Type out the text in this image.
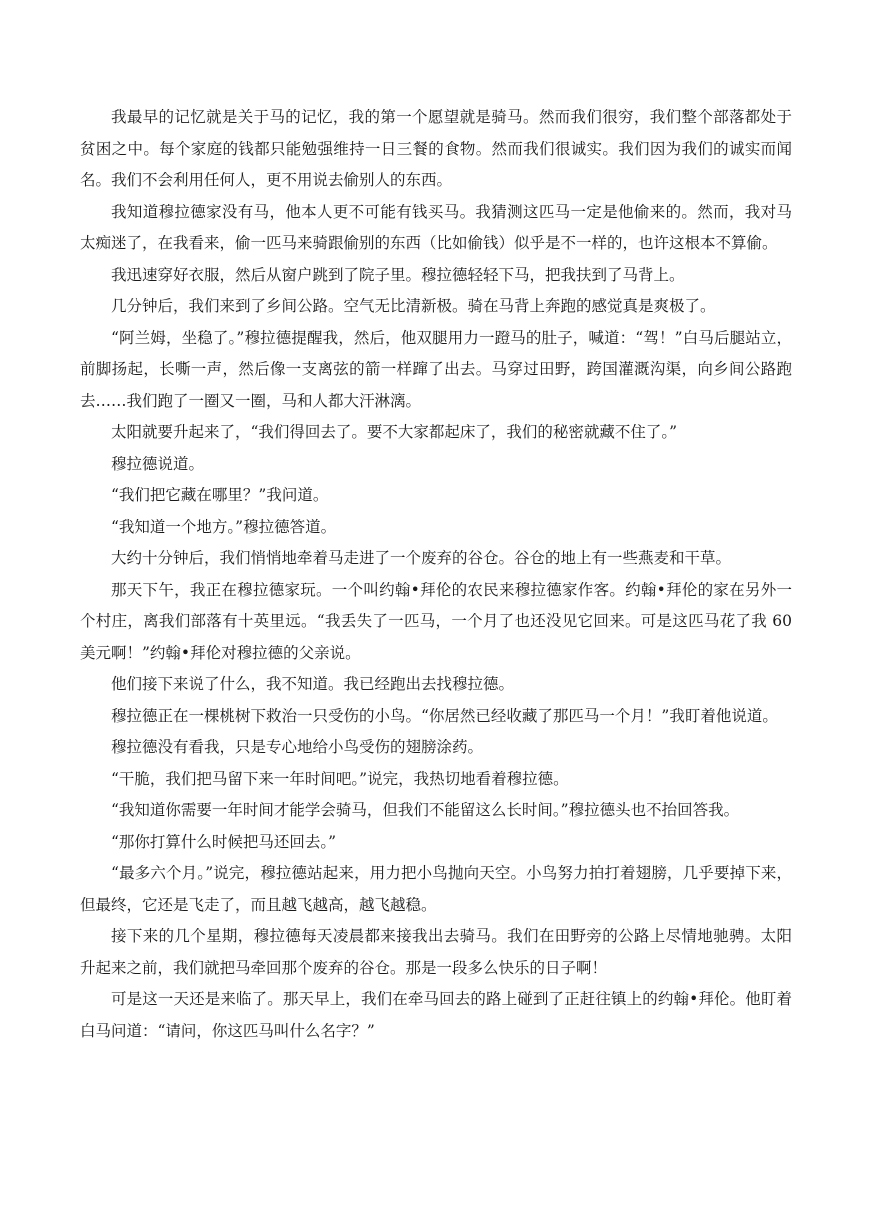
我最早的记忆就是关于马的记忆，我的第一个愿望就是骑马。然而我们很穷，我们整个部落都处于贫困之中。每个家庭的钱都只能勉强维持一日三餐的食物。然而我们很诚实。我们因为我们的诚实而闻名。我们不会利用任何人，更不用说去偷别人的东西。

我知道穆拉德家没有马，他本人更不可能有钱买马。我猜测这匹马一定是他偷来的。然而，我对马太痴迷了，在我看来，偷一匹马来骑跟偷别的东西（比如偷钱）似乎是不一样的，也许这根本不算偷。

我迅速穿好衣服，然后从窗户跳到了院子里。穆拉德轻轻下马，把我扶到了马背上。

几分钟后，我们来到了乡间公路。空气无比清新极。骑在马背上奔跑的感觉真是爽极了。

“阿兰姆，坐稳了。”穆拉德提醒我，然后，他双腿用力一蹬马的肚子，喊道：“驾！”白马后腿站立，前脚扬起，长嘶一声，然后像一支离弦的箭一样蹿了出去。马穿过田野，跨国灌溉沟渠，向乡间公路跑去……我们跑了一圈又一圈，马和人都大汗淋漓。

太阳就要升起来了，“我们得回去了。要不大家都起床了，我们的秘密就藏不住了。”

穆拉德说道。

“我们把它藏在哪里？”我问道。

“我知道一个地方。”穆拉德答道。

大约十分钟后，我们悄悄地牵着马走进了一个废弃的谷仓。谷仓的地上有一些燕麦和干草。

那天下午，我正在穆拉德家玩。一个叫约翰•拜伦的农民来穆拉德家作客。约翰•拜伦的家在另外一个村庄，离我们部落有十英里远。“我丢失了一匹马，一个月了也还没见它回来。可是这匹马花了我 60 美元啊！”约翰•拜伦对穆拉德的父亲说。

他们接下来说了什么，我不知道。我已经跑出去找穆拉德。

穆拉德正在一棵桃树下救治一只受伤的小鸟。“你居然已经收藏了那匹马一个月！”我盯着他说道。

穆拉德没有看我，只是专心地给小鸟受伤的翅膀涂药。

“干脆，我们把马留下来一年时间吧。”说完，我热切地看着穆拉德。

“我知道你需要一年时间才能学会骑马，但我们不能留这么长时间。”穆拉德头也不抬回答我。

“那你打算什么时候把马还回去。”

“最多六个月。”说完，穆拉德站起来，用力把小鸟抛向天空。小鸟努力拍打着翅膀，几乎要掉下来，但最终，它还是飞走了，而且越飞越高，越飞越稳。

接下来的几个星期，穆拉德每天凌晨都来接我出去骑马。我们在田野旁的公路上尽情地驰骋。太阳升起来之前，我们就把马牵回那个废弃的谷仓。那是一段多么快乐的日子啊！

可是这一天还是来临了。那天早上，我们在牵马回去的路上碰到了正赶往镇上的约翰•拜伦。他盯着白马问道：“请问，你这匹马叫什么名字？”
